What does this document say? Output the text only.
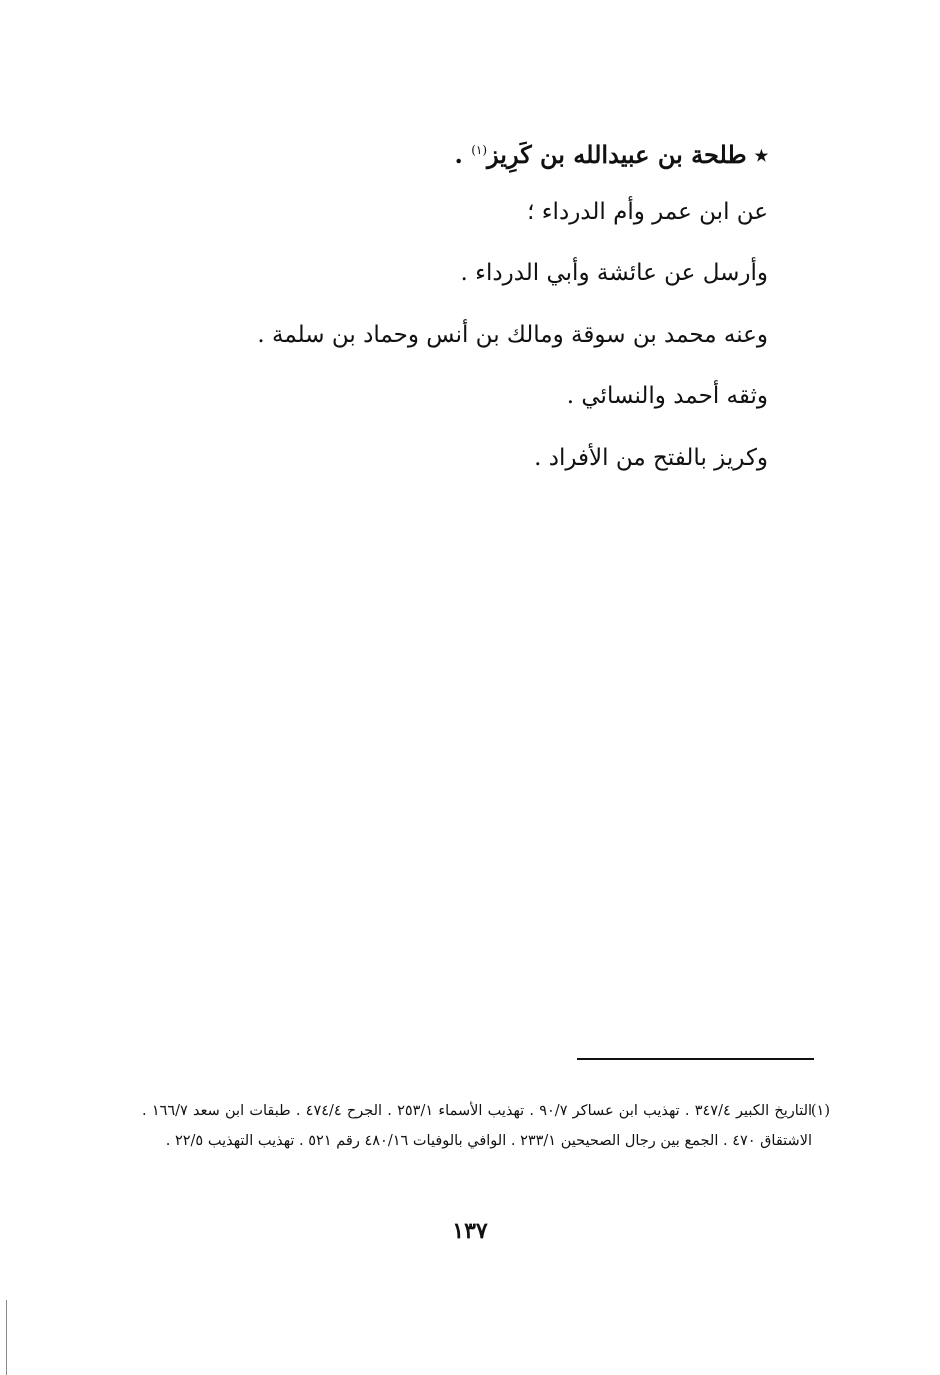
٭ طلحة بن عبيدالله بن كَرِيز$^{(١)}$ .
عن ابن عمر وأم الدرداء ؛
وأرسل عن عائشة وأبي الدرداء .
وعنه محمد بن سوقة ومالك بن أنس وحماد بن سلمة .
وثقه أحمد والنسائي .
وكريز بالفتح من الأفراد .
(١)
التاريخ الكبير ٣٤٧/٤ . تهذيب ابن عساكر ٩٠/٧ . تهذيب الأسماء ٢٥٣/١ . الجرح ٤٧٤/٤ . طبقات ابن سعد ١٦٦/٧ . الاشتقاق ٤٧٠ . الجمع بين رجال الصحيحين ٢٣٣/١ . الوافي بالوفيات ٤٨٠/١٦ رقم ٥٢١ . تهذيب التهذيب ٢٢/٥ .
١٣٧
